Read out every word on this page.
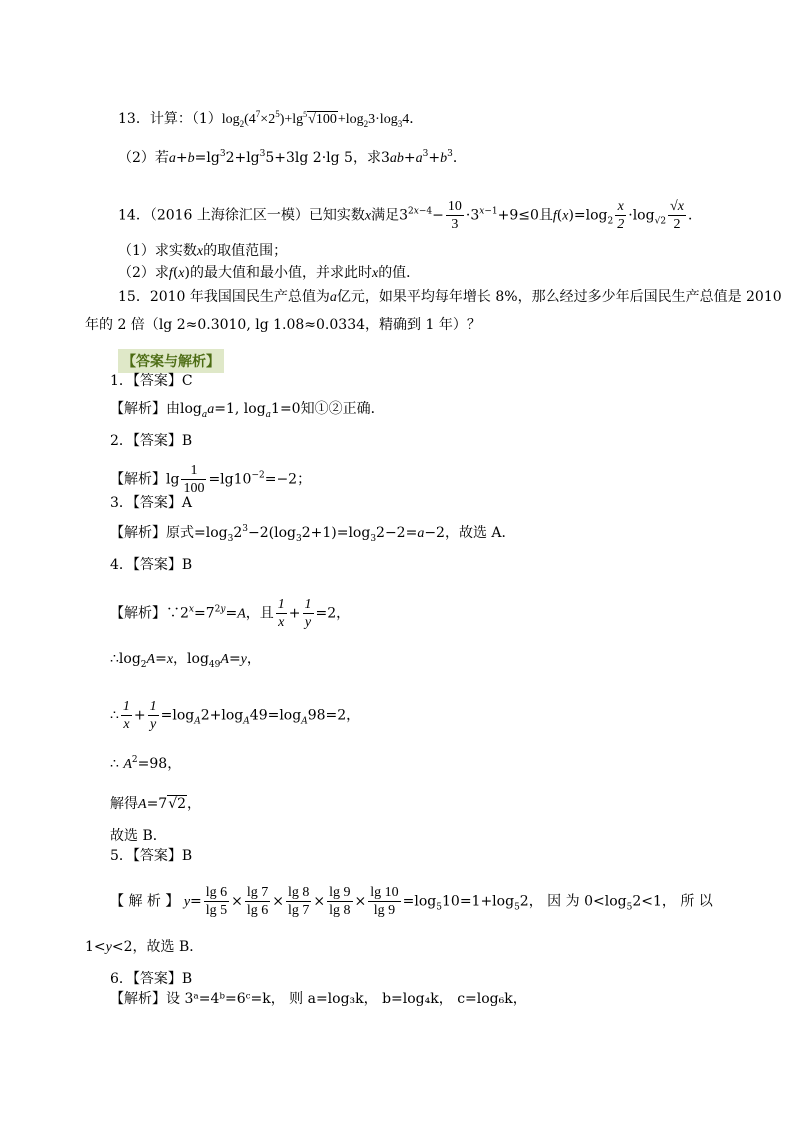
13．计算：$(1)\log_2(4^7\times 2^5)+\lg^5√100+\log_23\cdot\log_34$．
（2）若$a+b=\lg^32+\lg^35+3\lg$ 2·lg 5，求$3ab+a^3+b^3$．
14．（2016 上海徐汇区一模）已知实数x满足$3^{2x-4}- \frac{10}{3} \cdot 3^{x-1}+9\le 0$且$f(x)=\log_2 \frac{x}{2} \cdot\log_{√2} \frac{√x}{2}$ ．
（1）求实数x的取值范围；
（2）求f(x)的最大值和最小值，并求此时x的值．
15．2010 年我国国民生产总值为a亿元，如果平均每年增长 8%，那么经过多少年后国民生产总值是 2010
年的 2 倍（lg 2≈0.3010, lg 1.08≈0.0334，精确到 1 年）？
【答案与解析】
1．【答案】C
【解析】由$\log_aa=1$, $\log_a1=0$知①②正确．
2．【答案】B
【解析】$\lg \frac{1}{100} =\lg 10^{-2}=-2$；
3．【答案】A
【解析】原式$=\log_32^3-2(\log_32+1)=\log_32-2=a-2$，故选 A．
4．【答案】B
【解析】$\because 2^x=7^{2y}=A$，且 $\frac{1}{x} + \frac{1}{y} =2$，
$\therefore\log_2A=x$，$\log_{49}A=y$，
∴ $\frac{1}{x} + \frac{1}{y} =\log_A2+\log_A49=\log_A98=2$，
∴ $A^2=98$，
解得A=7√2，
故选 B．
5．【答案】B
【 解 析 】 $y= \frac{\lg 6}{\lg 5} \times \frac{\lg 7}{\lg 6} \times \frac{\lg 8}{\lg 7} \times \frac{\lg 9}{\lg 8} \times \frac{\lg 10}{\lg 9} =\log_510=1+\log_52$， 因 为 $0<\log_52<1$， 所 以
1<y<2，故选 B．
6．【答案】B
【解析】设 3ᵃ=4ᵇ=6ᶜ=k， 则 a=log₃k， b=log₄k， c=log₆k，
